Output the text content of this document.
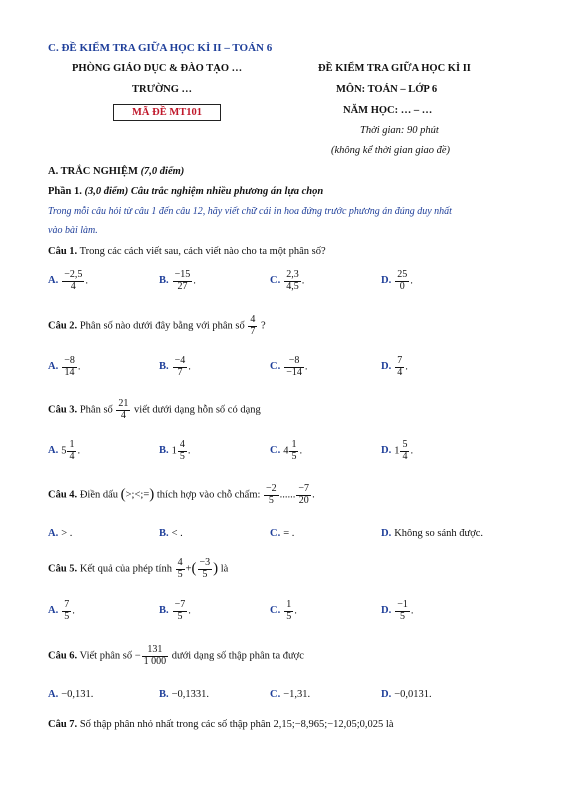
C. ĐỀ KIỂM TRA GIỮA HỌC KÌ II – TOÁN 6
PHÒNG GIÁO DỤC & ĐÀO TẠO …
TRƯỜNG …
MÃ ĐỀ MT101
ĐỀ KIỂM TRA GIỮA HỌC KÌ II
MÔN: TOÁN – LỚP 6
NĂM HỌC: … – …
Thời gian: 90 phút
(không kể thời gian giao đề)
A. TRẮC NGHIỆM (7,0 điểm)
Phần 1. (3,0 điểm) Câu trắc nghiệm nhiều phương án lựa chọn
Trong mỗi câu hỏi từ câu 1 đến câu 12, hãy viết chữ cái in hoa đứng trước phương án đúng duy nhất
vào bài làm.
Câu 1. Trong các cách viết sau, cách viết nào cho ta một phân số?
A. $\frac{-2,5}{4}$ .	B. $\frac{-15}{27}$ .	C. $\frac{2,3}{4,5}$ .	D. $\frac{25}{0}$ .
Câu 2. Phân số nào dưới đây bằng với phân số $\frac{4}{7}$ ?
A. $\frac{-8}{14}$ .	B. $\frac{-4}{7}$ .	C. $\frac{-8}{-14}$ .	D. $\frac{7}{4}$ .
Câu 3. Phân số $\frac{21}{4}$ viết dưới dạng hỗn số có dạng
A. $5 \frac{1}{4}$ .	B. $1 \frac{4}{5}$ .	C. $4 \frac{1}{5}$ .	D. $1 \frac{5}{4}$ .
Câu 4. Điền dấu (>;<;=) thích hợp vào chỗ chấm: $\frac{-2}{5}$ ...... $\frac{-7}{20}$ .
A. > .	B. < .	C. = .	D. Không so sánh được.
Câu 5. Kết quả của phép tính $\frac{4}{5}$ +( $\frac{-3}{5}$ ) là
A. $\frac{7}{5}$ .	B. $\frac{-7}{5}$ .	C. $\frac{1}{5}$ .	D. $\frac{-1}{5}$ .
Câu 6. Viết phân số − $\frac{131}{1 000}$ dưới dạng số thập phân ta được
A. −0,131.	B. −0,1331.	C. −1,31.	D. −0,0131.
Câu 7. Số thập phân nhỏ nhất trong các số thập phân 2,15;−8,965;−12,05;0,025 là
